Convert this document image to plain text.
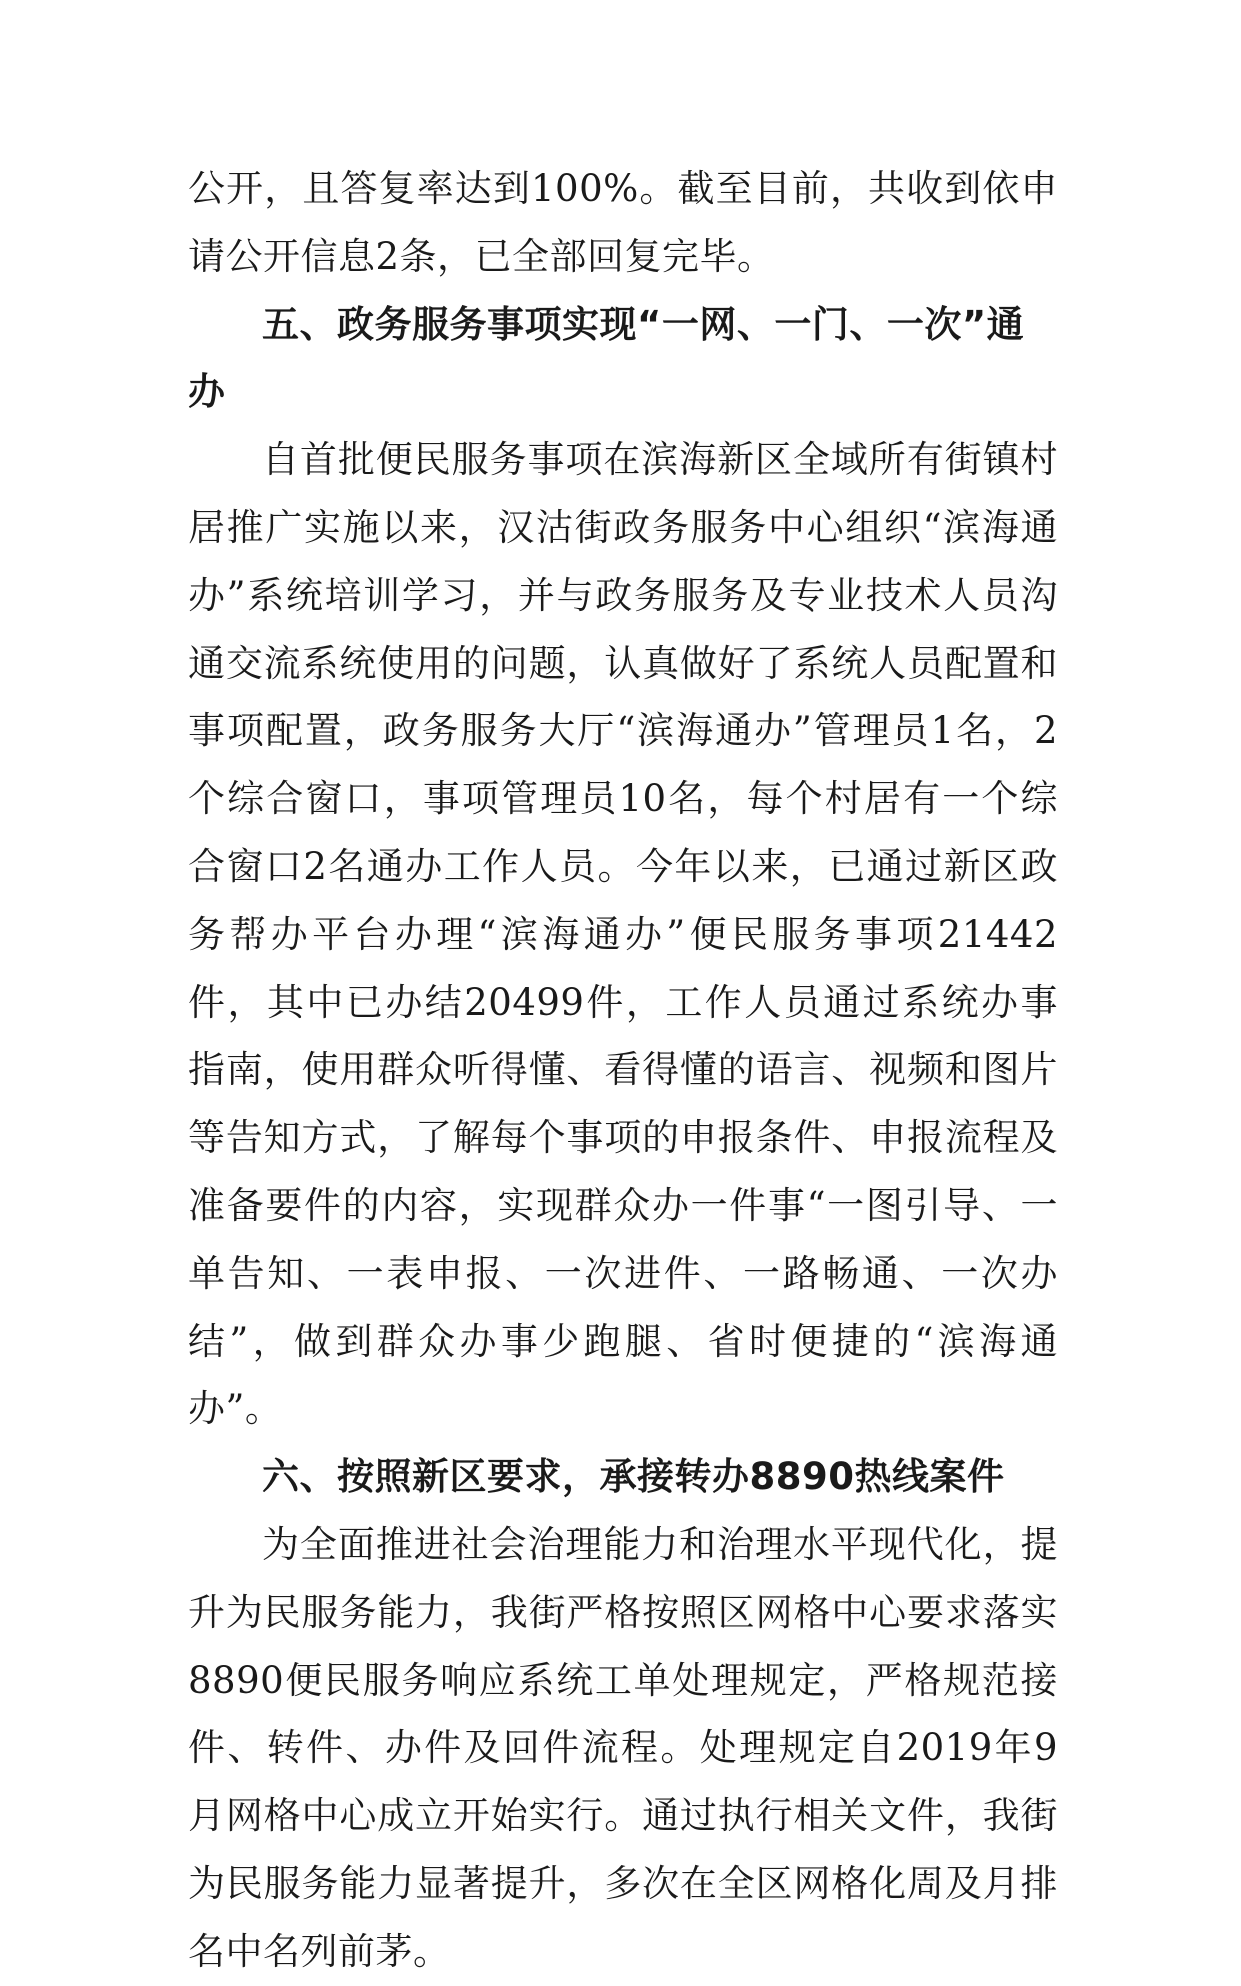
公开，且答复率达到100%。截至目前，共收到依申请公开信息2条，已全部回复完毕。

五、政务服务事项实现“一网、一门、一次”通办

自首批便民服务事项在滨海新区全域所有街镇村居推广实施以来，汉沽街政务服务中心组织“滨海通办”系统培训学习，并与政务服务及专业技术人员沟通交流系统使用的问题，认真做好了系统人员配置和事项配置，政务服务大厅“滨海通办”管理员1名，2个综合窗口，事项管理员10名，每个村居有一个综合窗口2名通办工作人员。今年以来，已通过新区政务帮办平台办理“滨海通办”便民服务事项21442件，其中已办结20499件，工作人员通过系统办事指南，使用群众听得懂、看得懂的语言、视频和图片等告知方式，了解每个事项的申报条件、申报流程及准备要件的内容，实现群众办一件事“一图引导、一单告知、一表申报、一次进件、一路畅通、一次办结”，做到群众办事少跑腿、省时便捷的“滨海通办”。

六、按照新区要求，承接转办8890热线案件

为全面推进社会治理能力和治理水平现代化，提升为民服务能力，我街严格按照区网格中心要求落实8890便民服务响应系统工单处理规定，严格规范接件、转件、办件及回件流程。处理规定自2019年9月网格中心成立开始实行。通过执行相关文件，我街为民服务能力显著提升，多次在全区网格化周及月排名中名列前茅。
